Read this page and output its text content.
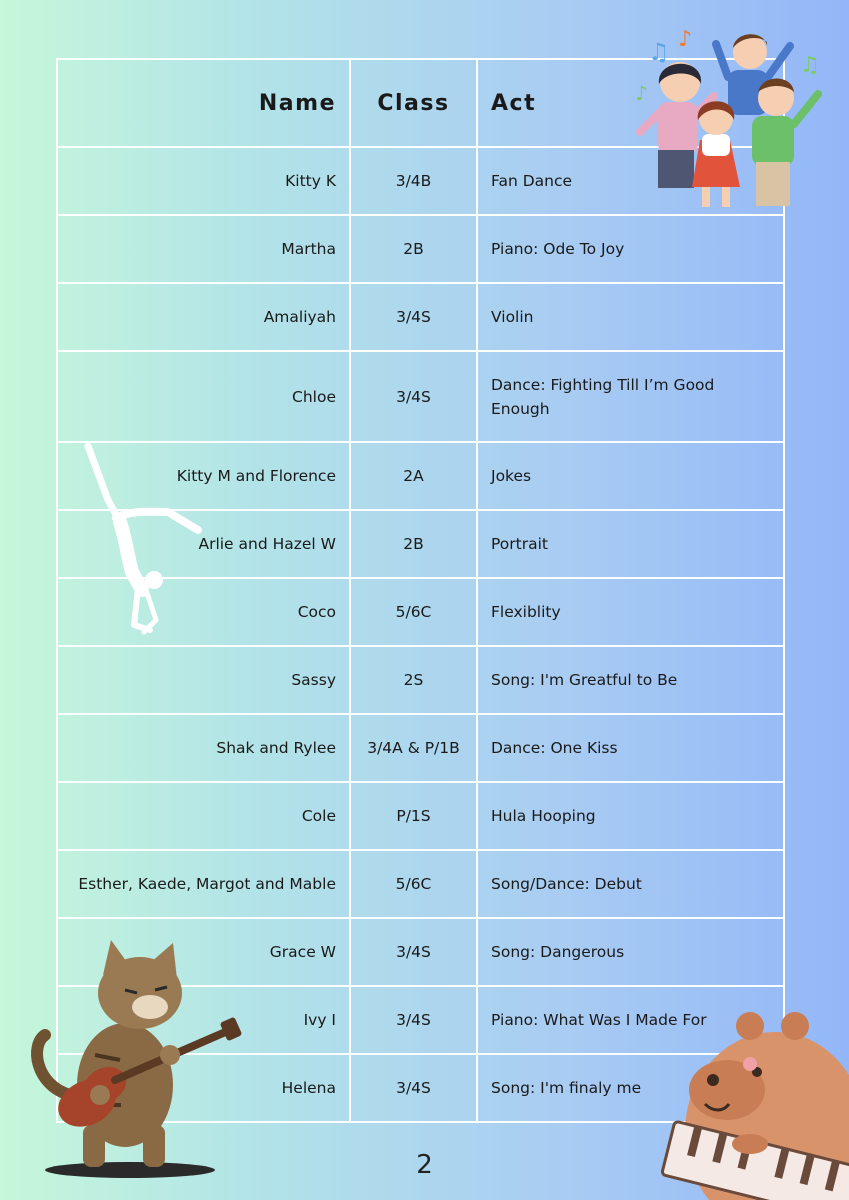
Name	Class	Act
Kitty K	3/4B	Fan Dance
Martha	2B	Piano: Ode To Joy
Amaliyah	3/4S	Violin
Chloe	3/4S	Dance: Fighting Till I’m Good Enough
Kitty M and Florence	2A	Jokes
Arlie and Hazel W	2B	Portrait
Coco	5/6C	Flexiblity
Sassy	2S	Song: I'm Greatful to Be
Shak and Rylee	3/4A & P/1B	Dance: One Kiss
Cole	P/1S	Hula Hooping
Esther, Kaede, Margot and Mable	5/6C	Song/Dance: Debut
Grace W	3/4S	Song: Dangerous
Ivy I	3/4S	Piano: What Was I Made For
Helena	3/4S	Song: I'm finaly me
♫ ♪
♪
♫
2
